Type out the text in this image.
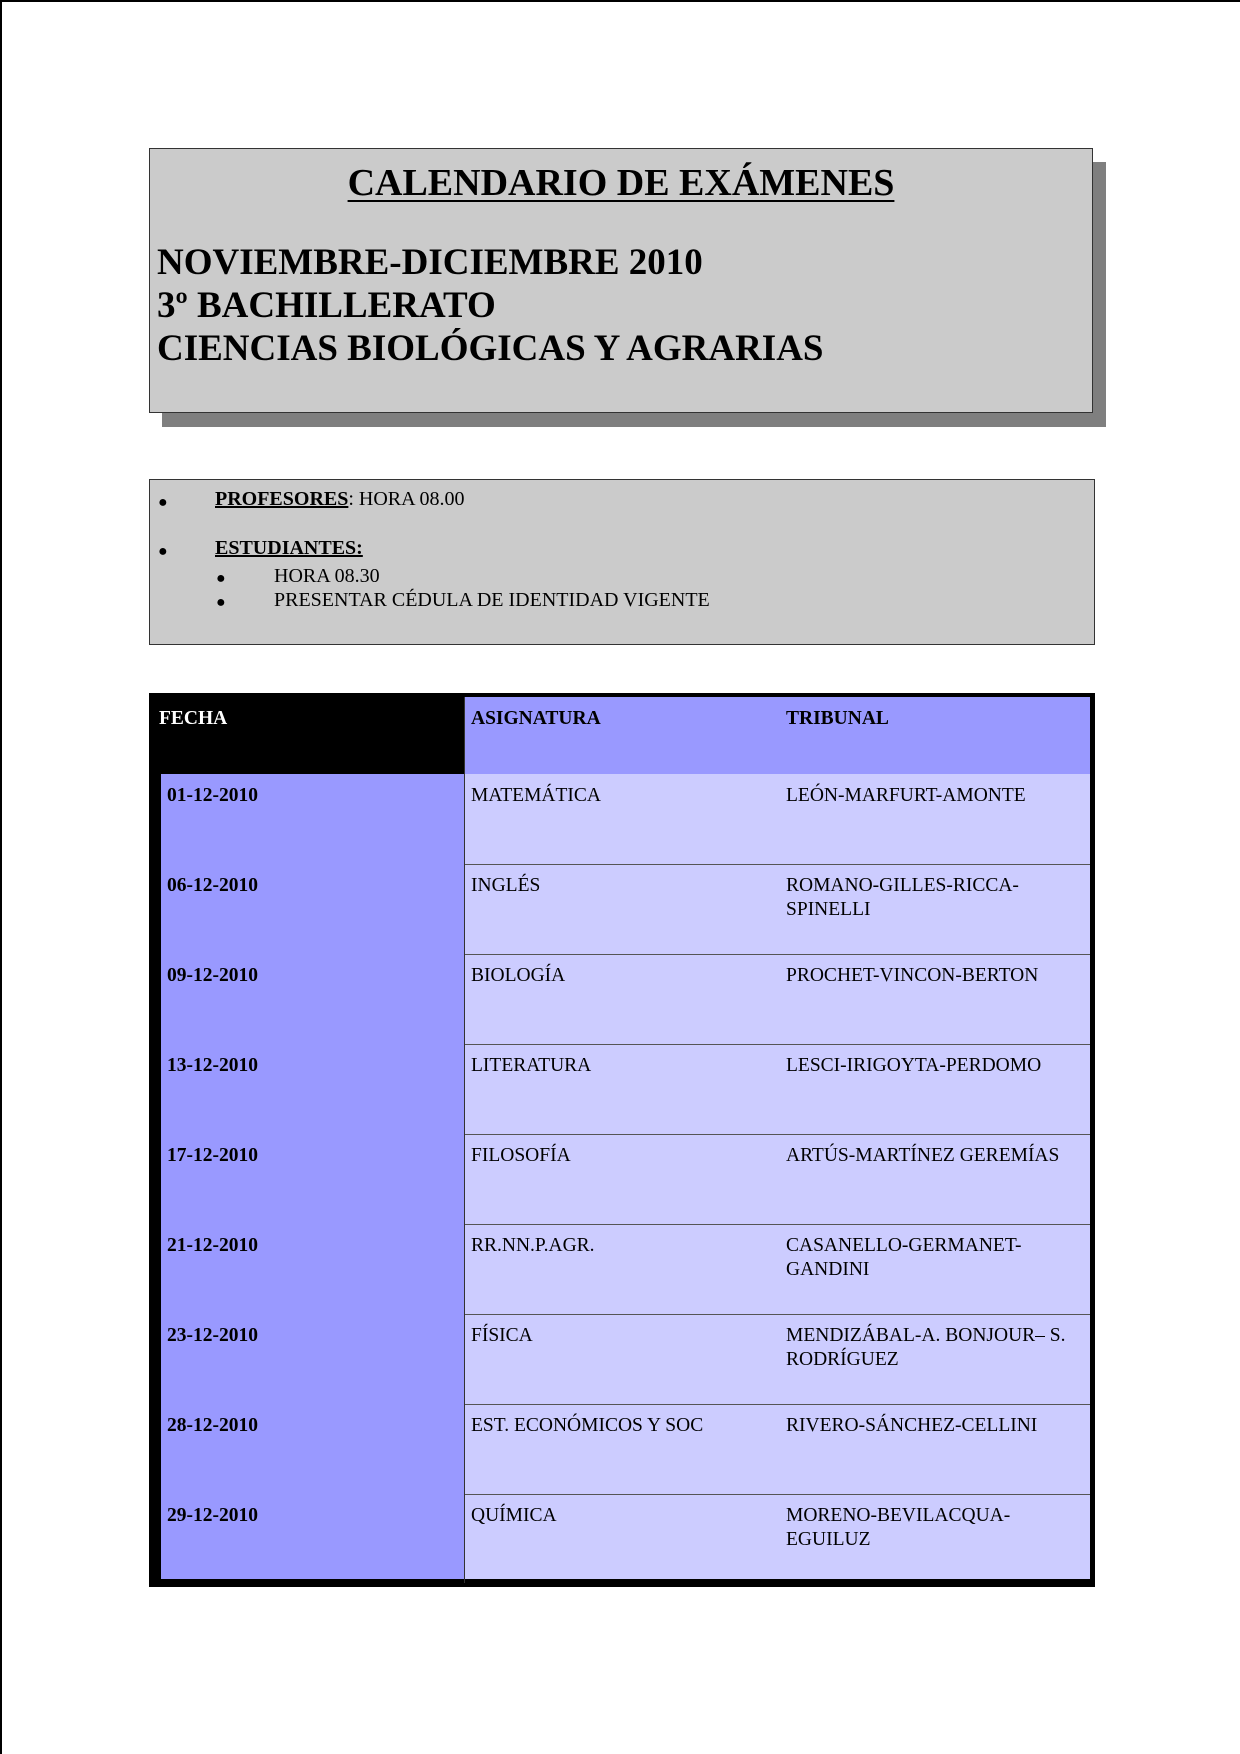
CALENDARIO DE EXÁMENES
NOVIEMBRE-DICIEMBRE 2010
3º BACHILLERATO
CIENCIAS BIOLÓGICAS Y AGRARIAS
● PROFESORES: HORA 08.00
● ESTUDIANTES:
● HORA 08.30
● PRESENTAR CÉDULA DE IDENTIDAD VIGENTE
FECHA	ASIGNATURA	TRIBUNAL
01-12-2010	MATEMÁTICA	LEÓN-MARFURT-AMONTE
06-12-2010	INGLÉS	ROMANO-GILLES-RICCA-SPINELLI
09-12-2010	BIOLOGÍA	PROCHET-VINCON-BERTON
13-12-2010	LITERATURA	LESCI-IRIGOYTA-PERDOMO
17-12-2010	FILOSOFÍA	ARTÚS-MARTÍNEZ GEREMÍAS
21-12-2010	RR.NN.P.AGR.	CASANELLO-GERMANET-GANDINI
23-12-2010	FÍSICA	MENDIZÁBAL-A. BONJOUR– S. RODRÍGUEZ
28-12-2010	EST. ECONÓMICOS Y SOC	RIVERO-SÁNCHEZ-CELLINI
29-12-2010	QUÍMICA	MORENO-BEVILACQUA-EGUILUZ
